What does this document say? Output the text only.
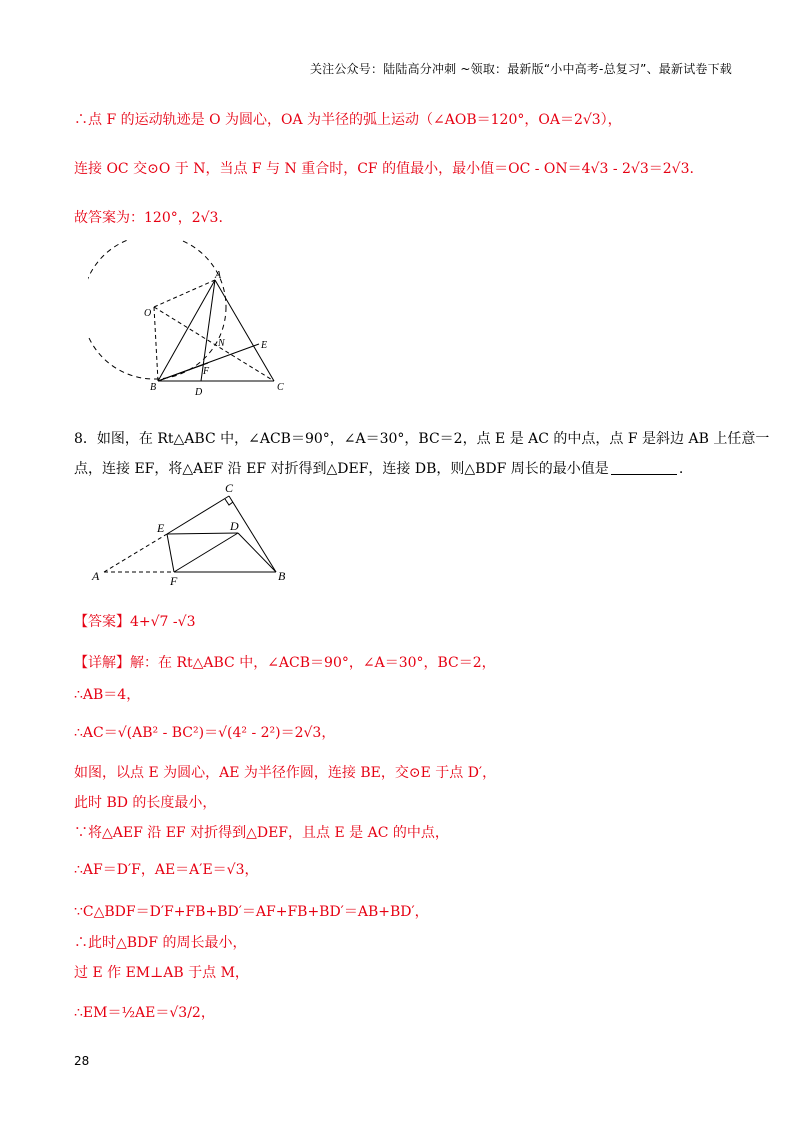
关注公众号：陆陆高分冲刺 ~领取：最新版“小中高考-总复习”、最新试卷下载
∴点 F 的运动轨迹是 O 为圆心，OA 为半径的弧上运动（∠AOB＝120°，OA＝2√3），
连接 OC 交⊙O 于 N，当点 F 与 N 重合时，CF 的值最小，最小值＝OC - ON＝4√3 - 2√3＝2√3.
故答案为：120°，2√3.
A
O
N	E
F
B	D	C
8．如图，在 Rt△ABC 中，∠ACB＝90°，∠A＝30°，BC＝2，点 E 是 AC 的中点，点 F 是斜边 AB 上任意一
点，连接 EF，将△AEF 沿 EF 对折得到△DEF，连接 DB，则△BDF 周长的最小值是	.
C
E	D
A	F	B
【答案】4+√7 -√3
【详解】解：在 Rt△ABC 中，∠ACB＝90°，∠A＝30°，BC＝2，
∴AB＝4，
∴AC＝√(AB² - BC²)＝√(4² - 2²)＝2√3，
如图，以点 E 为圆心，AE 为半径作圆，连接 BE，交⊙E 于点 D′，
此时 BD 的长度最小，
∵将△AEF 沿 EF 对折得到△DEF，且点 E 是 AC 的中点，
∴AF＝D′F，AE＝A′E＝√3，
∵C△BDF＝D′F+FB+BD′＝AF+FB+BD′＝AB+BD′，
∴此时△BDF 的周长最小，
过 E 作 EM⊥AB 于点 M，
∴EM＝½AE＝√3/2，
28
